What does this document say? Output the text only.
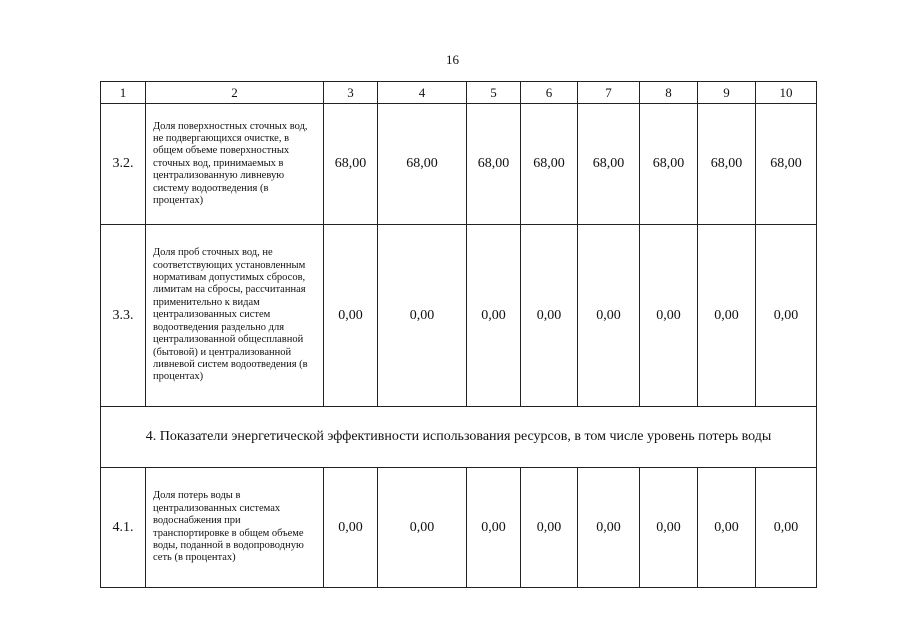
16
1	2	3	4	5	6	7	8	9	10
3.2.	Доля поверхностных сточных вод, не подвергающихся очистке, в общем объеме поверхностных сточных вод, принимаемых в централизованную ливневую систему водоотведения (в процентах)	68,00	68,00	68,00	68,00	68,00	68,00	68,00	68,00
3.3.	Доля проб сточных вод, не соответствующих установленным нормативам допустимых сбросов, лимитам на сбросы, рассчитанная применительно к видам централизованных систем водоотведения раздельно для централизованной общесплавной (бытовой) и централизованной ливневой систем водоотведения (в процентах)	0,00	0,00	0,00	0,00	0,00	0,00	0,00	0,00
4. Показатели энергетической эффективности использования ресурсов, в том числе уровень потерь воды									
4.1.	Доля потерь воды в централизованных системах водоснабжения при транспортировке в общем объеме воды, поданной в водопроводную сеть (в процентах)	0,00	0,00	0,00	0,00	0,00	0,00	0,00	0,00
